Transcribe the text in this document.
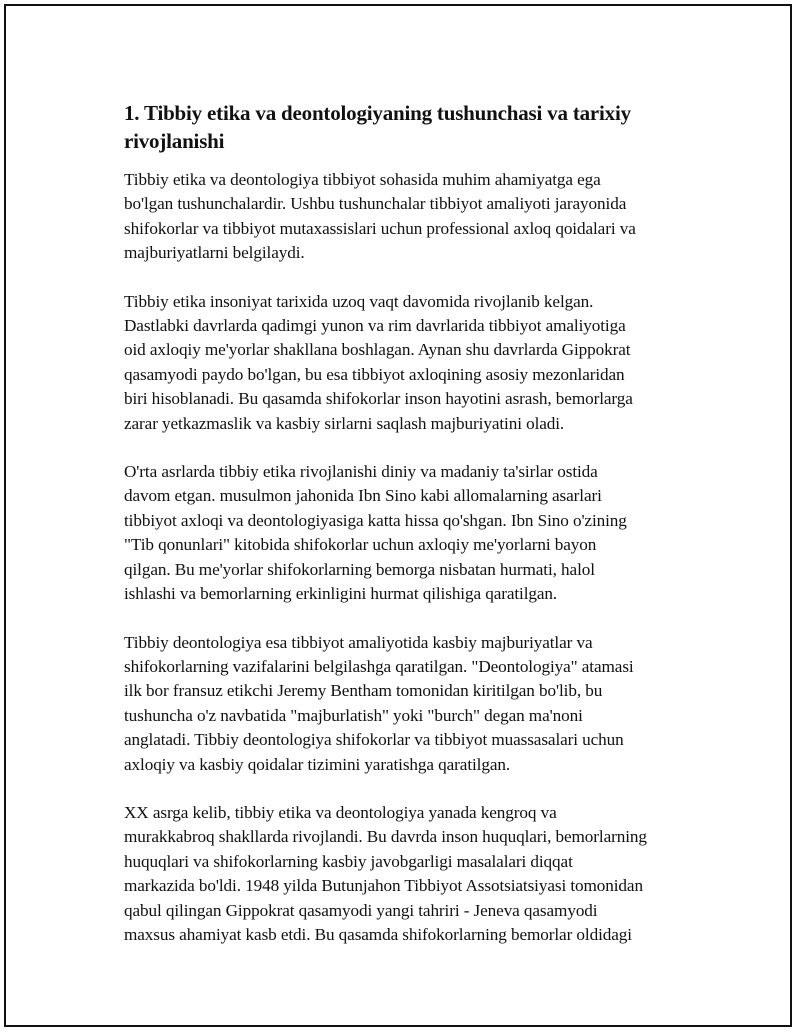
1. Tibbiy etika va deontologiyaning tushunchasi va tarixiy
rivojlanishi

Tibbiy etika va deontologiya tibbiyot sohasida muhim ahamiyatga ega
bo'lgan tushunchalardir. Ushbu tushunchalar tibbiyot amaliyoti jarayonida
shifokorlar va tibbiyot mutaxassislari uchun professional axloq qoidalari va
majburiyatlarni belgilaydi.

Tibbiy etika insoniyat tarixida uzoq vaqt davomida rivojlanib kelgan.
Dastlabki davrlarda qadimgi yunon va rim davrlarida tibbiyot amaliyotiga
oid axloqiy me'yorlar shakllana boshlagan. Aynan shu davrlarda Gippokrat
qasamyodi paydo bo'lgan, bu esa tibbiyot axloqining asosiy mezonlaridan
biri hisoblanadi. Bu qasamda shifokorlar inson hayotini asrash, bemorlarga
zarar yetkazmaslik va kasbiy sirlarni saqlash majburiyatini oladi.

O'rta asrlarda tibbiy etika rivojlanishi diniy va madaniy ta'sirlar ostida
davom etgan. musulmon jahonida Ibn Sino kabi allomalarning asarlari
tibbiyot axloqi va deontologiyasiga katta hissa qo'shgan. Ibn Sino o'zining
"Tib qonunlari" kitobida shifokorlar uchun axloqiy me'yorlarni bayon
qilgan. Bu me'yorlar shifokorlarning bemorga nisbatan hurmati, halol
ishlashi va bemorlarning erkinligini hurmat qilishiga qaratilgan.

Tibbiy deontologiya esa tibbiyot amaliyotida kasbiy majburiyatlar va
shifokorlarning vazifalarini belgilashga qaratilgan. "Deontologiya" atamasi
ilk bor fransuz etikchi Jeremy Bentham tomonidan kiritilgan bo'lib, bu
tushuncha o'z navbatida "majburlatish" yoki "burch" degan ma'noni
anglatadi. Tibbiy deontologiya shifokorlar va tibbiyot muassasalari uchun
axloqiy va kasbiy qoidalar tizimini yaratishga qaratilgan.

XX asrga kelib, tibbiy etika va deontologiya yanada kengroq va
murakkabroq shakllarda rivojlandi. Bu davrda inson huquqlari, bemorlarning
huquqlari va shifokorlarning kasbiy javobgarligi masalalari diqqat
markazida bo'ldi. 1948 yilda Butunjahon Tibbiyot Assotsiatsiyasi tomonidan
qabul qilingan Gippokrat qasamyodi yangi tahriri - Jeneva qasamyodi
maxsus ahamiyat kasb etdi. Bu qasamda shifokorlarning bemorlar oldidagi
